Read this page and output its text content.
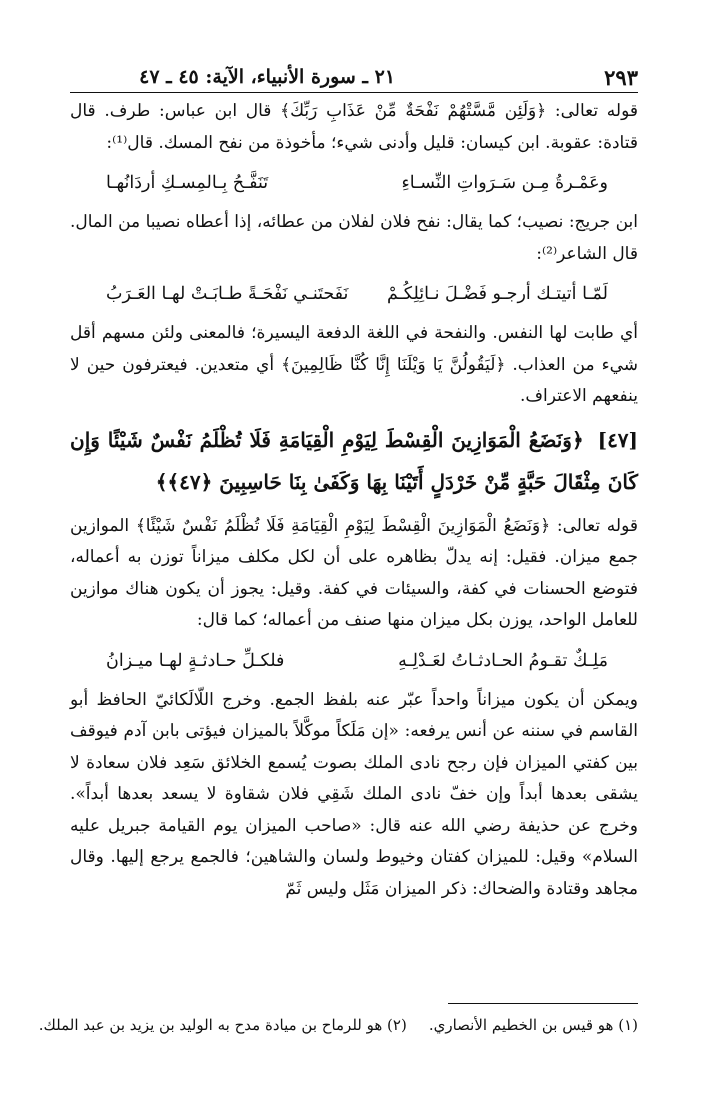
٢٩٣
٢١ ـ سورة الأنبياء، الآية: ٤٥ ـ ٤٧

قوله تعالى: ﴿وَلَئِن مَّسَّتْهُمْ نَفْحَةٌ مِّنْ عَذَابِ رَبِّكَ﴾ قال ابن عباس: طرف. قال قتادة: عقوبة. ابن كيسان: قليل وأدنى شيء؛ مأخوذة من نفح المسك. قال⁽¹⁾:

وعَمْـرةُ مِـن سَـرَواتِ النِّسـاءِ
تَنَفَّـحُ بِـالمِسـكِ أردَانُهـا

ابن جريج: نصيب؛ كما يقال: نفح فلان لفلان من عطائه، إذا أعطاه نصيبا من المال. قال الشاعر⁽²⁾:

لَمّـا أتيتـك أرجـو فَضْـلَ نـائِلِكُـمْ
نَفَحتَنـي نَفْحَـةً طـابَـتْ لهـا العَـرَبُ

أي طابت لها النفس. والنفحة في اللغة الدفعة اليسيرة؛ فالمعنى ولئن مسهم أقل شيء من العذاب. ﴿لَيَقُولُنَّ يَا وَيْلَنَا إِنَّا كُنَّا ظَالِمِينَ﴾ أي متعدين. فيعترفون حين لا ينفعهم الاعتراف.

[٤٧] ﴿وَنَضَعُ الْمَوَازِينَ الْقِسْطَ لِيَوْمِ الْقِيَامَةِ فَلَا تُظْلَمُ نَفْسٌ شَيْئًا وَإِن كَانَ مِثْقَالَ حَبَّةٍ مِّنْ خَرْدَلٍ أَتَيْنَا بِهَا وَكَفَىٰ بِنَا حَاسِبِينَ ﴿٤٧﴾﴾

قوله تعالى: ﴿وَنَضَعُ الْمَوَازِينَ الْقِسْطَ لِيَوْمِ الْقِيَامَةِ فَلَا تُظْلَمُ نَفْسٌ شَيْئًا﴾ الموازين جمع ميزان. فقيل: إنه يدلّ بظاهره على أن لكل مكلف ميزاناً توزن به أعماله، فتوضع الحسنات في كفة، والسيئات في كفة. وقيل: يجوز أن يكون هناك موازين للعامل الواحد، يوزن بكل ميزان منها صنف من أعماله؛ كما قال:

مَلِـكٌ تقـومُ الحـادثـاتُ لعَـدْلِـهِ
فلكـلِّ حـادثـةٍ لهـا ميـزانُ

ويمكن أن يكون ميزاناً واحداً عبّر عنه بلفظ الجمع. وخرج اللّالَكائيّ الحافظ أبو القاسم في سننه عن أنس يرفعه: «إن مَلَكاً موكَّلاً بالميزان فيؤتى بابن آدم فيوقف بين كفتي الميزان فإن رجح نادى الملك بصوت يُسمع الخلائق سَعِد فلان سعادة لا يشقى بعدها أبداً وإن خفّ نادى الملك شَقِي فلان شقاوة لا يسعد بعدها أبداً». وخرج عن حذيفة رضي الله عنه قال: «صاحب الميزان يوم القيامة جبريل عليه السلام» وقيل: للميزان كفتان وخيوط ولسان والشاهين؛ فالجمع يرجع إليها. وقال مجاهد وقتادة والضحاك: ذكر الميزان مَثَل وليس ثَمّ

(١) هو قيس بن الخطيم الأنصاري.
(٢) هو للرماح بن ميادة مدح به الوليد بن يزيد بن عبد الملك.
